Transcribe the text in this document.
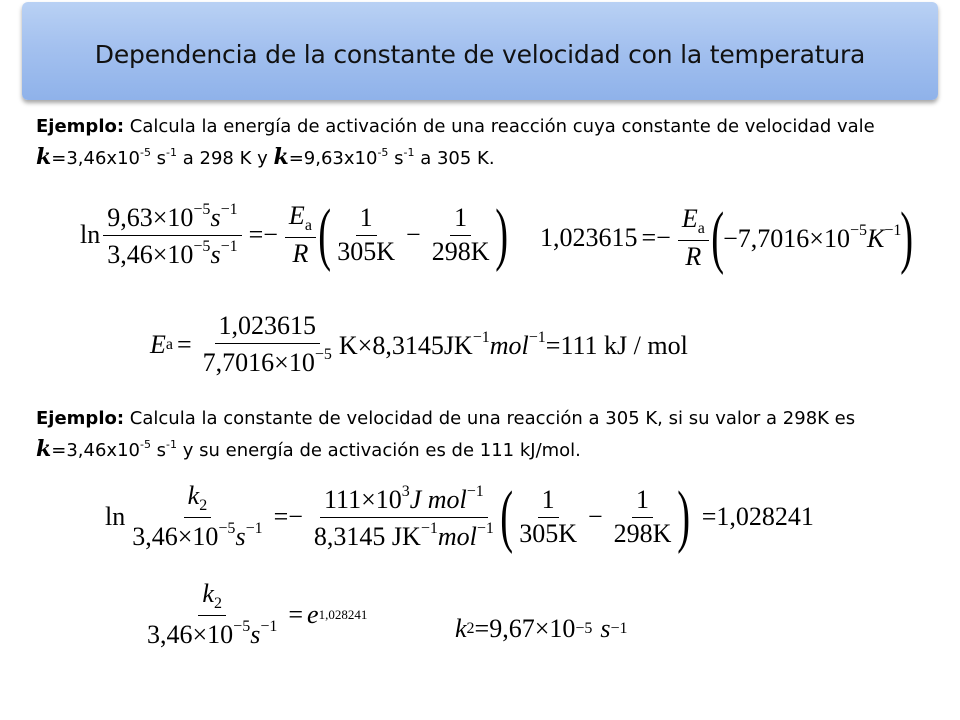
Dependencia de la constante de velocidad con la temperatura
Ejemplo: Calcula la energía de activación de una reacción cuya constante de velocidad vale $k=3,46x10^{-5}$ $s^{-1}$ a 298 K y $k=9,63x10^{-5}$ $s^{-1}$ a 305 K.
$\ln \frac{9,63\times 10^{-5}s^{-1}}{3,46\times 10^{-5}s^{-1}} =- \frac{E_a}{R}$ ( $\frac{1}{305K} - \frac{1}{298K}$ ) $1,023615 =- \frac{E_a}{R}$ ( $-7,7016\times 10^{-5}K^{-1}$ )
E $a = \frac{1,023615}{7,7016\times 10^{-5}} K\times 8,3145JK^{-1}mol^{-1}=111$ kJ / mol
Ejemplo: Calcula la constante de velocidad de una reacción a 305 K, si su valor a 298K es $k=3,46x10^{-5}$ $s^{-1}$ y su energía de activación es de 111 kJ/mol.
$\ln \frac{k_2}{3,46\times 10^{-5}s^{-1}} =- \frac{111\times 10^3J mol^{-1}}{8,3145 JK^{-1}mol^{-1}}$ ( $\frac{1}{305K} - \frac{1}{298K}$ ) =1,028241
$\frac{k_2}{3,46\times 10^{-5}s^{-1}} = e$ 1,028241	k 2 =9,67×10 −5 s −1
